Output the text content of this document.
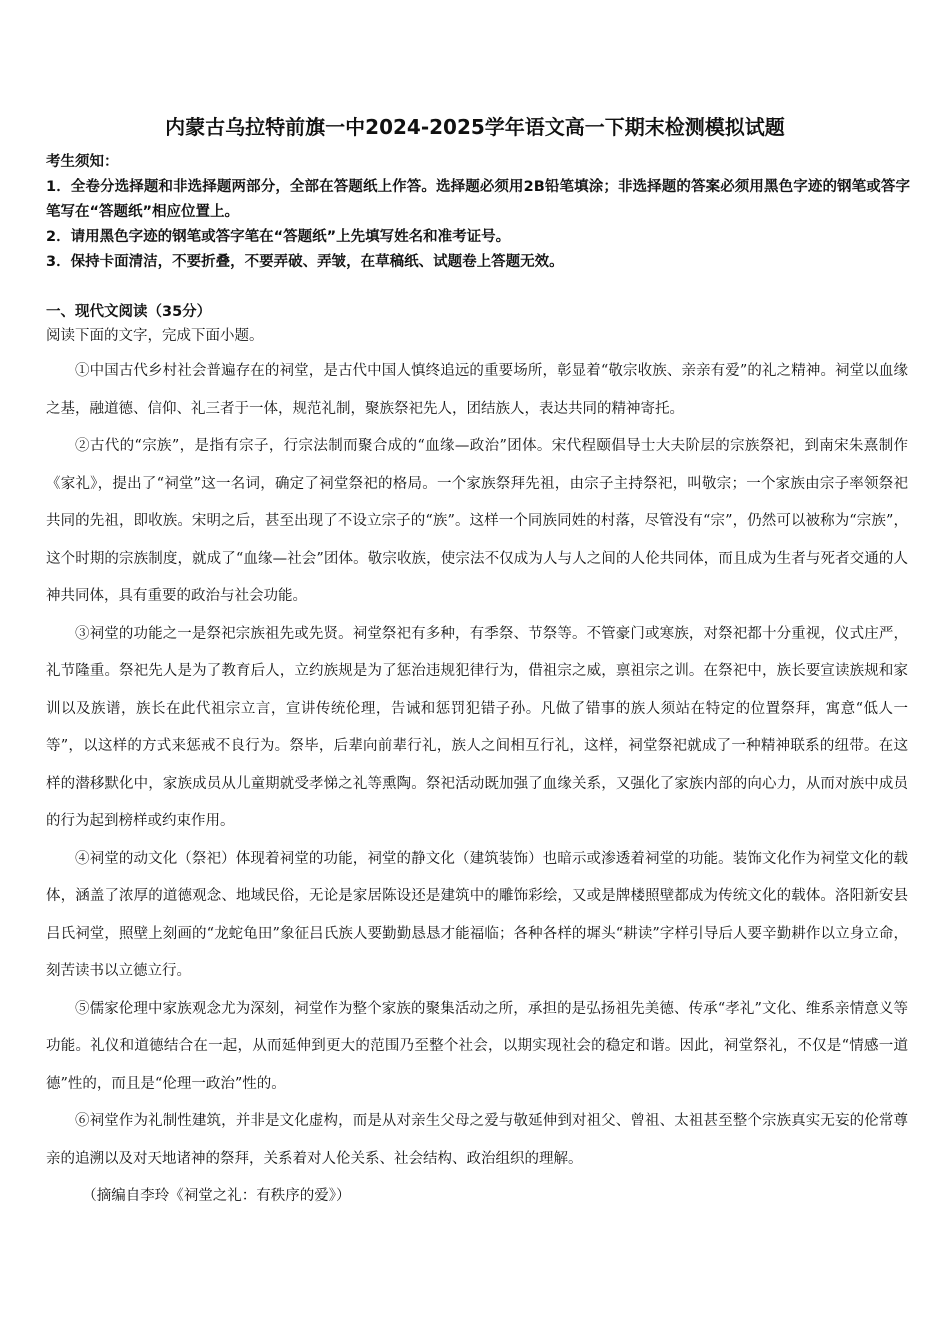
内蒙古乌拉特前旗一中2024-2025学年语文高一下期末检测模拟试题
考生须知：
1．全卷分选择题和非选择题两部分，全部在答题纸上作答。选择题必须用2B铅笔填涂；非选择题的答案必须用黑色字迹的钢笔或答字笔写在“答题纸”相应位置上。
2．请用黑色字迹的钢笔或答字笔在“答题纸”上先填写姓名和准考证号。
3．保持卡面清洁，不要折叠，不要弄破、弄皱，在草稿纸、试题卷上答题无效。
一、现代文阅读（35分）
阅读下面的文字，完成下面小题。

①中国古代乡村社会普遍存在的祠堂，是古代中国人慎终追远的重要场所，彰显着“敬宗收族、亲亲有爱”的礼之精神。祠堂以血缘之基，融道德、信仰、礼三者于一体，规范礼制，聚族祭祀先人，团结族人，表达共同的精神寄托。

②古代的“宗族”，是指有宗子，行宗法制而聚合成的“血缘—政治”团体。宋代程颐倡导士大夫阶层的宗族祭祀，到南宋朱熹制作《家礼》，提出了“祠堂”这一名词，确定了祠堂祭祀的格局。一个家族祭拜先祖，由宗子主持祭祀，叫敬宗；一个家族由宗子率领祭祀共同的先祖，即收族。宋明之后，甚至出现了不设立宗子的“族”。这样一个同族同姓的村落，尽管没有“宗”，仍然可以被称为“宗族”，这个时期的宗族制度，就成了“血缘—社会”团体。敬宗收族，使宗法不仅成为人与人之间的人伦共同体，而且成为生者与死者交通的人神共同体，具有重要的政治与社会功能。

③祠堂的功能之一是祭祀宗族祖先或先贤。祠堂祭祀有多种，有季祭、节祭等。不管豪门或寒族，对祭祀都十分重视，仪式庄严，礼节隆重。祭祀先人是为了教育后人，立约族规是为了惩治违规犯律行为，借祖宗之威，禀祖宗之训。在祭祀中，族长要宣读族规和家训以及族谱，族长在此代祖宗立言，宣讲传统伦理，告诫和惩罚犯错子孙。凡做了错事的族人须站在特定的位置祭拜，寓意“低人一等”，以这样的方式来惩戒不良行为。祭毕，后辈向前辈行礼，族人之间相互行礼，这样，祠堂祭祀就成了一种精神联系的纽带。在这样的潜移默化中，家族成员从儿童期就受孝悌之礼等熏陶。祭祀活动既加强了血缘关系，又强化了家族内部的向心力，从而对族中成员的行为起到榜样或约束作用。

④祠堂的动文化（祭祀）体现着祠堂的功能，祠堂的静文化（建筑装饰）也暗示或渗透着祠堂的功能。装饰文化作为祠堂文化的载体，涵盖了浓厚的道德观念、地域民俗，无论是家居陈设还是建筑中的雕饰彩绘，又或是牌楼照壁都成为传统文化的载体。洛阳新安县吕氏祠堂，照壁上刻画的“龙蛇龟田”象征吕氏族人要勤勤恳恳才能福临；各种各样的墀头“耕读”字样引导后人要辛勤耕作以立身立命，刻苦读书以立德立行。

⑤儒家伦理中家族观念尤为深刻，祠堂作为整个家族的聚集活动之所，承担的是弘扬祖先美德、传承“孝礼”文化、维系亲情意义等功能。礼仪和道德结合在一起，从而延伸到更大的范围乃至整个社会，以期实现社会的稳定和谐。因此，祠堂祭礼，不仅是“情感一道德”性的，而且是“伦理一政治”性的。

⑥祠堂作为礼制性建筑，并非是文化虚构，而是从对亲生父母之爱与敬延伸到对祖父、曾祖、太祖甚至整个宗族真实无妄的伦常尊亲的追溯以及对天地诸神的祭拜，关系着对人伦关系、社会结构、政治组织的理解。

（摘编自李玲《祠堂之礼：有秩序的爱》）
